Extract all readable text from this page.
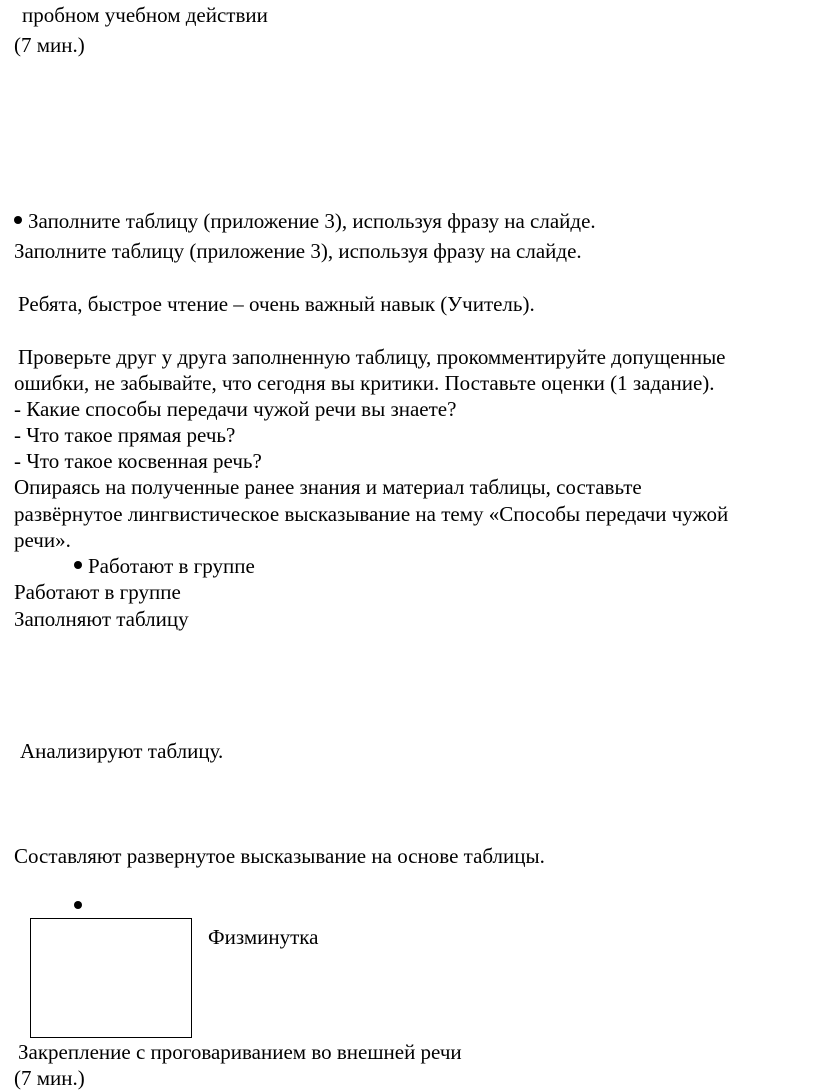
пробном учебном действии
(7 мин.)
Заполните таблицу (приложение 3), используя фразу на слайде.
Заполните таблицу (приложение 3), используя фразу на слайде.
Ребята, быстрое чтение – очень важный навык (Учитель).
Проверьте друг у друга заполненную таблицу, прокомментируйте допущенные
ошибки, не забывайте, что сегодня вы критики. Поставьте оценки (1 задание).
- Какие способы передачи чужой речи вы знаете?
- Что такое прямая речь?
- Что такое косвенная речь?
Опираясь на полученные ранее знания и материал таблицы, составьте
развёрнутое лингвистическое высказывание на тему «Способы передачи чужой
речи».
Работают в группе
Работают в группе
Заполняют таблицу
Анализируют таблицу.
Составляют развернутое высказывание на основе таблицы.
Физминутка
Закрепление с проговариванием во внешней речи
(7 мин.)
